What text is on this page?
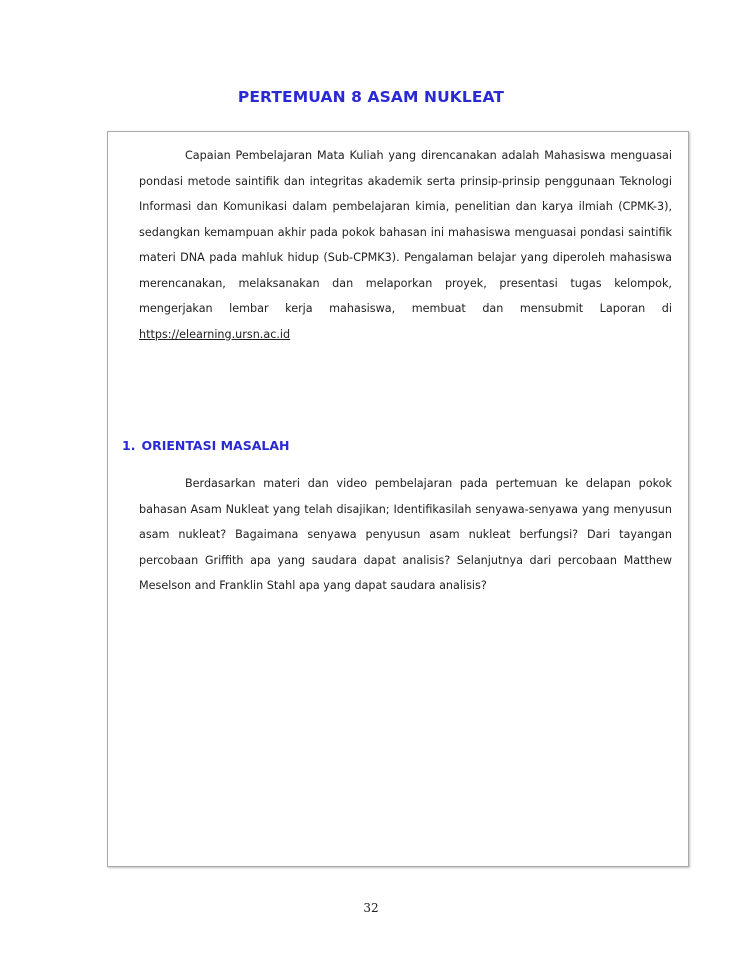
PERTEMUAN 8 ASAM NUKLEAT
Capaian Pembelajaran Mata Kuliah yang direncanakan adalah Mahasiswa menguasai pondasi metode saintifik dan integritas akademik serta prinsip-prinsip penggunaan Teknologi Informasi dan Komunikasi dalam pembelajaran kimia, penelitian dan karya ilmiah (CPMK-3), sedangkan kemampuan akhir pada pokok bahasan ini mahasiswa menguasai pondasi saintifik materi DNA pada mahluk hidup (Sub-CPMK3). Pengalaman belajar yang diperoleh mahasiswa merencanakan, melaksanakan dan melaporkan proyek, presentasi tugas kelompok, mengerjakan lembar kerja mahasiswa, membuat dan mensubmit Laporan di https://elearning.ursn.ac.id
1. ORIENTASI MASALAH
Berdasarkan materi dan video pembelajaran pada pertemuan ke delapan pokok bahasan Asam Nukleat yang telah disajikan; Identifikasilah senyawa-senyawa yang menyusun asam nukleat? Bagaimana senyawa penyusun asam nukleat berfungsi? Dari tayangan percobaan Griffith apa yang saudara dapat analisis? Selanjutnya dari percobaan Matthew Meselson and Franklin Stahl apa yang dapat saudara analisis?
32
